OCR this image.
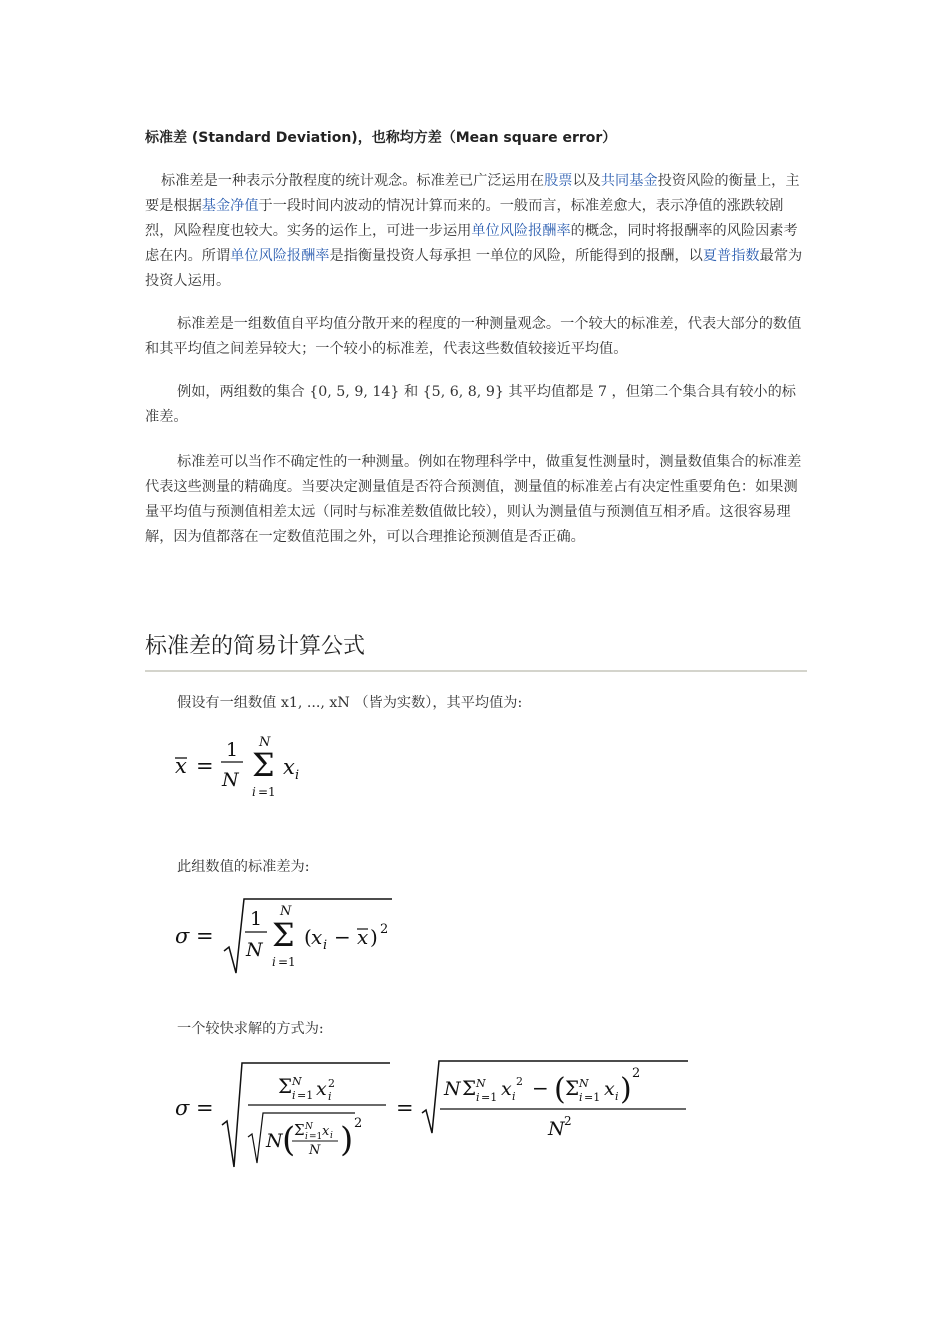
标准差 (Standard Deviation)，也称均方差（Mean square error）
标准差是一种表示分散程度的统计观念。标准差已广泛运用在股票以及共同基金投资风险的衡量上，主要是根据基金净值于一段时间内波动的情况计算而来的。一般而言，标准差愈大，表示净值的涨跌较剧烈，风险程度也较大。实务的运作上，可进一步运用单位风险报酬率的概念，同时将报酬率的风险因素考虑在内。所谓单位风险报酬率是指衡量投资人每承担 一单位的风险，所能得到的报酬，以夏普指数最常为投资人运用。
标准差是一组数值自平均值分散开来的程度的一种测量观念。一个较大的标准差，代表大部分的数值和其平均值之间差异较大；一个较小的标准差，代表这些数值较接近平均值。
例如，两组数的集合 {0, 5, 9, 14} 和 {5, 6, 8, 9} 其平均值都是 7 ，但第二个集合具有较小的标准差。
标准差可以当作不确定性的一种测量。例如在物理科学中，做重复性测量时，测量数值集合的标准差代表这些测量的精确度。当要决定测量值是否符合预测值，测量值的标准差占有决定性重要角色：如果测量平均值与预测值相差太远（同时与标准差数值做比较），则认为测量值与预测值互相矛盾。这很容易理解，因为值都落在一定数值范围之外，可以合理推论预测值是否正确。
标准差的简易计算公式
假设有一组数值 x1, ..., xN （皆为实数），其平均值为:
x =
1
N
N
Σ
i =1
x i
此组数值的标准差为:
σ =
1
N
N
Σ
i =1
( x i − x ) 2
一个较快求解的方式为:
σ =
Σ N
i =1 x 2
i
N (
Σ N
i =1 x i
N ) 2
=
N Σ N
i =1 x i
2 − ( Σ N
i =1 x i ) 2
N 2
